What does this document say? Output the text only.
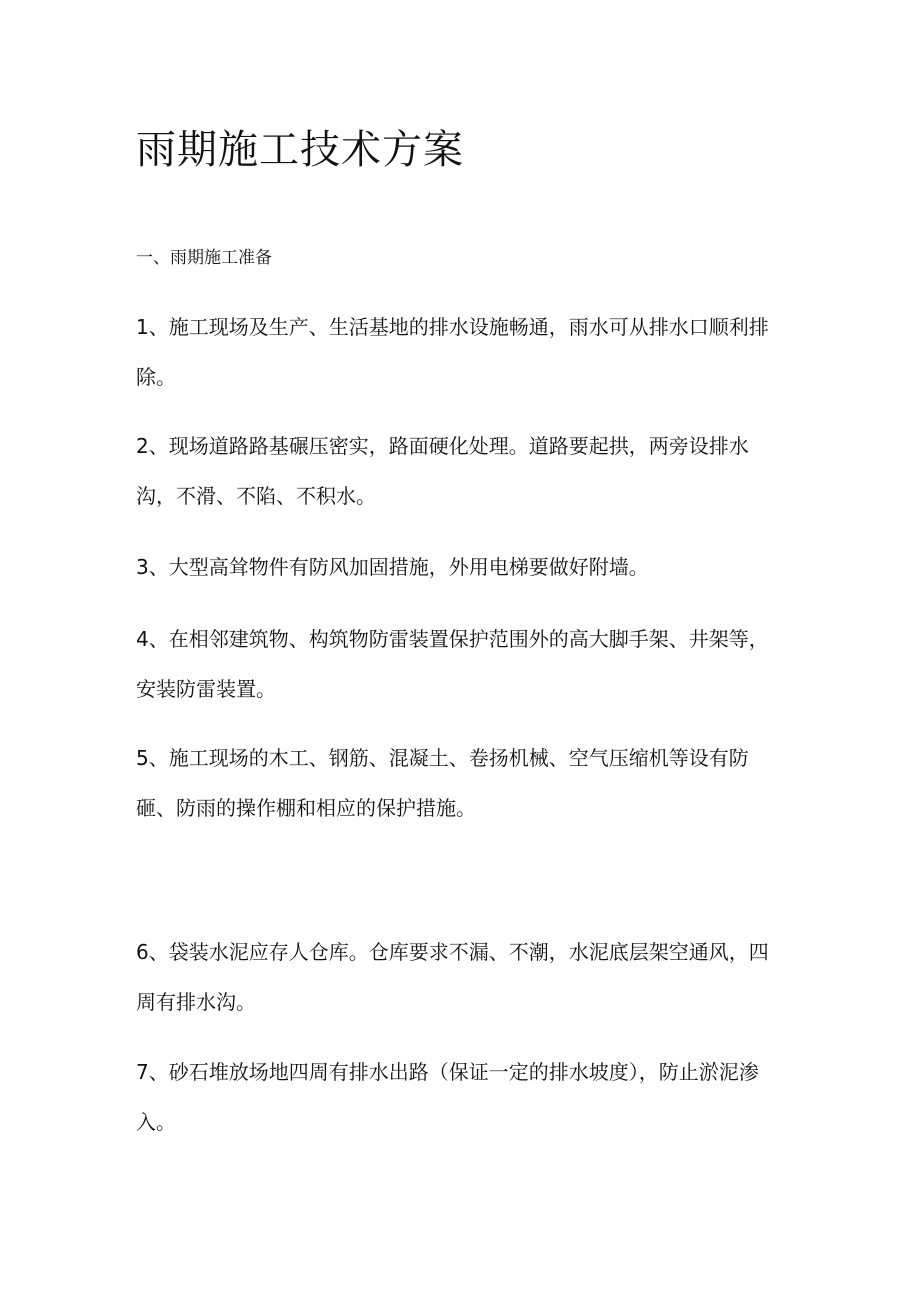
雨期施工技术方案
一、雨期施工准备

1、施工现场及生产、生活基地的排水设施畅通，雨水可从排水口顺利排
除。

2、现场道路路基碾压密实，路面硬化处理。道路要起拱，两旁设排水
沟，不滑、不陷、不积水。

3、大型高耸物件有防风加固措施，外用电梯要做好附墙。

4、在相邻建筑物、构筑物防雷装置保护范围外的高大脚手架、井架等，
安装防雷装置。

5、施工现场的木工、钢筋、混凝土、卷扬机械、空气压缩机等设有防
砸、防雨的操作棚和相应的保护措施。

6、袋装水泥应存人仓库。仓库要求不漏、不潮，水泥底层架空通风，四
周有排水沟。

7、砂石堆放场地四周有排水出路（保证一定的排水坡度），防止淤泥渗
入。
